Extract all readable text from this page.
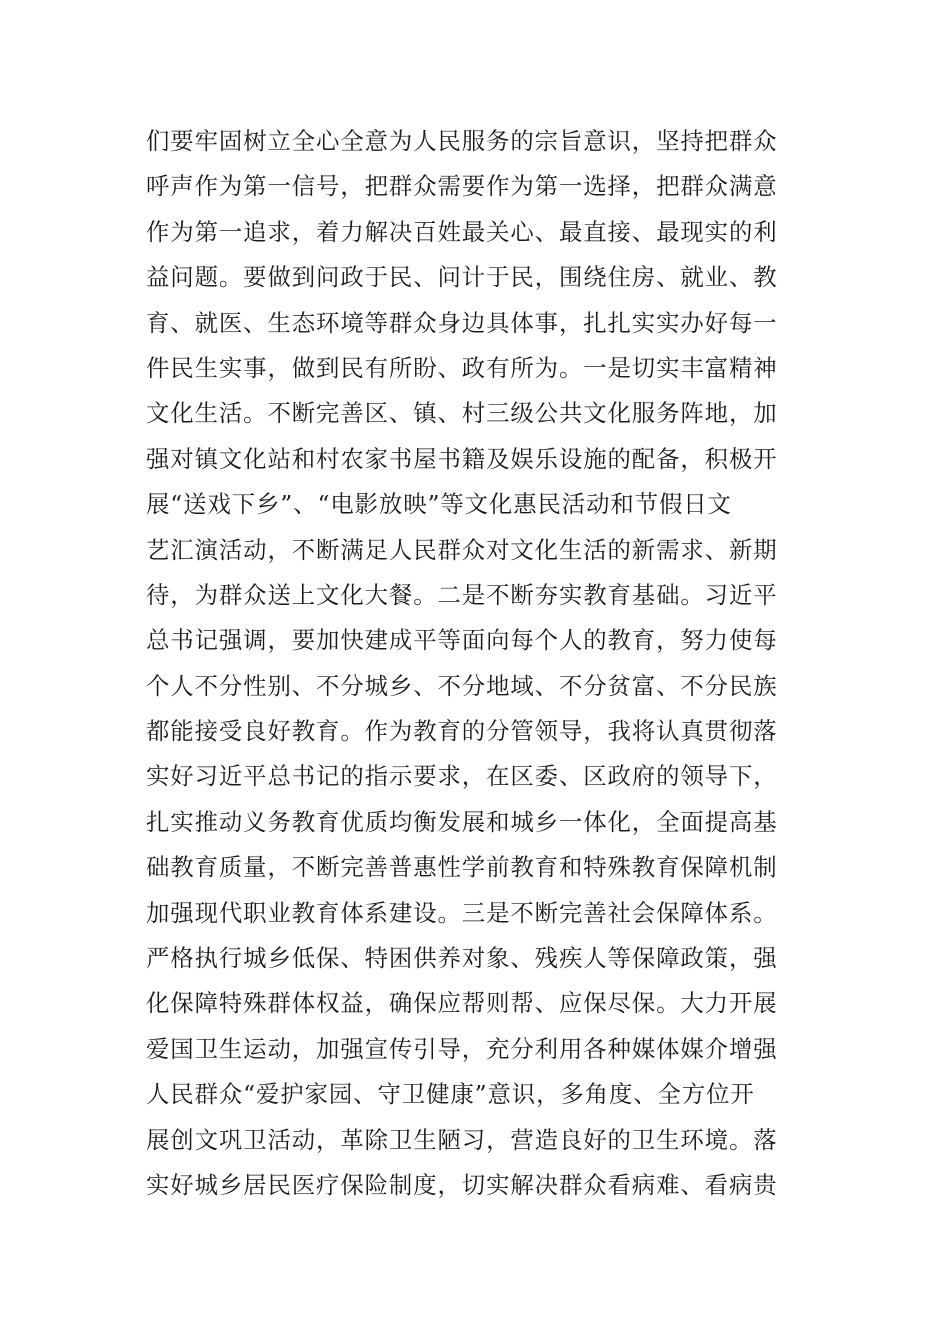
们要牢固树立全心全意为人民服务的宗旨意识，坚持把群众
呼声作为第一信号，把群众需要作为第一选择，把群众满意
作为第一追求，着力解决百姓最关心、最直接、最现实的利
益问题。要做到问政于民、问计于民，围绕住房、就业、教
育、就医、生态环境等群众身边具体事，扎扎实实办好每一
件民生实事，做到民有所盼、政有所为。一是切实丰富精神
文化生活。不断完善区、镇、村三级公共文化服务阵地，加
强对镇文化站和村农家书屋书籍及娱乐设施的配备，积极开
展“送戏下乡”、“电影放映”等文化惠民活动和节假日文
艺汇演活动，不断满足人民群众对文化生活的新需求、新期
待，为群众送上文化大餐。二是不断夯实教育基础。习近平
总书记强调，要加快建成平等面向每个人的教育，努力使每
个人不分性别、不分城乡、不分地域、不分贫富、不分民族
都能接受良好教育。作为教育的分管领导，我将认真贯彻落
实好习近平总书记的指示要求，在区委、区政府的领导下，
扎实推动义务教育优质均衡发展和城乡一体化，全面提高基
础教育质量，不断完善普惠性学前教育和特殊教育保障机制
加强现代职业教育体系建设。三是不断完善社会保障体系。
严格执行城乡低保、特困供养对象、残疾人等保障政策，强
化保障特殊群体权益，确保应帮则帮、应保尽保。大力开展
爱国卫生运动，加强宣传引导，充分利用各种媒体媒介增强
人民群众“爱护家园、守卫健康”意识，多角度、全方位开
展创文巩卫活动，革除卫生陋习，营造良好的卫生环境。落
实好城乡居民医疗保险制度，切实解决群众看病难、看病贵
